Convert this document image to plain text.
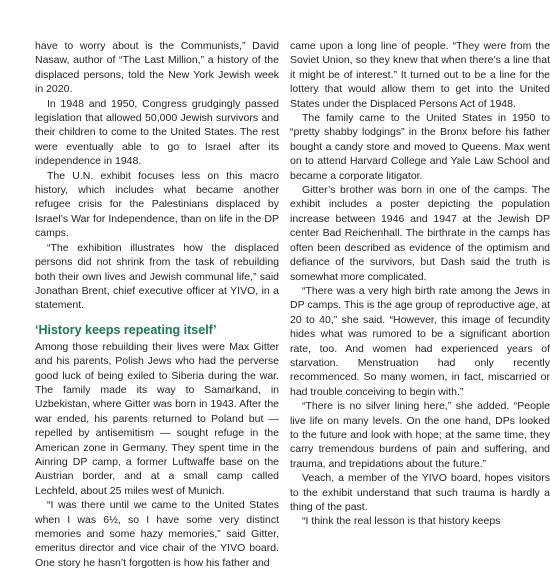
have to worry about is the Communists,” David Nasaw, author of “The Last Million,” a history of the displaced persons, told the New York Jewish week in 2020.

In 1948 and 1950, Congress grudgingly passed legislation that allowed 50,000 Jewish survivors and their children to come to the United States. The rest were eventually able to go to Israel after its independence in 1948.

The U.N. exhibit focuses less on this macro history, which includes what became another refugee crisis for the Palestinians displaced by Israel’s War for Independence, than on life in the DP camps.

“The exhibition illustrates how the displaced persons did not shrink from the task of rebuilding both their own lives and Jewish communal life,” said Jonathan Brent, chief executive officer at YIVO, in a statement.

‘History keeps repeating itself’

Among those rebuilding their lives were Max Gitter and his parents, Polish Jews who had the perverse good luck of being exiled to Siberia during the war. The family made its way to Samarkand, in Uzbekistan, where Gitter was born in 1943. After the war ended, his parents returned to Poland but — repelled by antisemitism — sought refuge in the American zone in Germany. They spent time in the Ainring DP camp, a former Luftwaffe base on the Austrian border, and at a small camp called Lechfeld, about 25 miles west of Munich.

“I was there until we came to the United States when I was 6½, so I have some very distinct memories and some hazy memories,” said Gitter, emeritus director and vice chair of the YIVO board. One story he hasn’t forgotten is how his father and

came upon a long line of people. “They were from the Soviet Union, so they knew that when there’s a line that it might be of interest.” It turned out to be a line for the lottery that would allow them to get into the United States under the Displaced Persons Act of 1948.

The family came to the United States in 1950 to “pretty shabby lodgings” in the Bronx before his father bought a candy store and moved to Queens. Max went on to attend Harvard College and Yale Law School and became a corporate litigator.

Gitter’s brother was born in one of the camps. The exhibit includes a poster depicting the population increase between 1946 and 1947 at the Jewish DP center Bad Reichenhall. The birthrate in the camps has often been described as evidence of the optimism and defiance of the survivors, but Dash said the truth is somewhat more complicated.

“There was a very high birth rate among the Jews in DP camps. This is the age group of reproductive age, at 20 to 40,” she said. “However, this image of fecundity hides what was rumored to be a significant abortion rate, too. And women had experienced years of starvation. Menstruation had only recently recommenced. So many women, in fact, miscarried or had trouble conceiving to begin with.”

“There is no silver lining here,” she added. “People live life on many levels. On the one hand, DPs looked to the future and look with hope; at the same time, they carry tremendous burdens of pain and suffering, and trauma, and trepidations about the future.”

Veach, a member of the YIVO board, hopes visitors to the exhibit understand that such trauma is hardly a thing of the past.

“I think the real lesson is that history keeps
